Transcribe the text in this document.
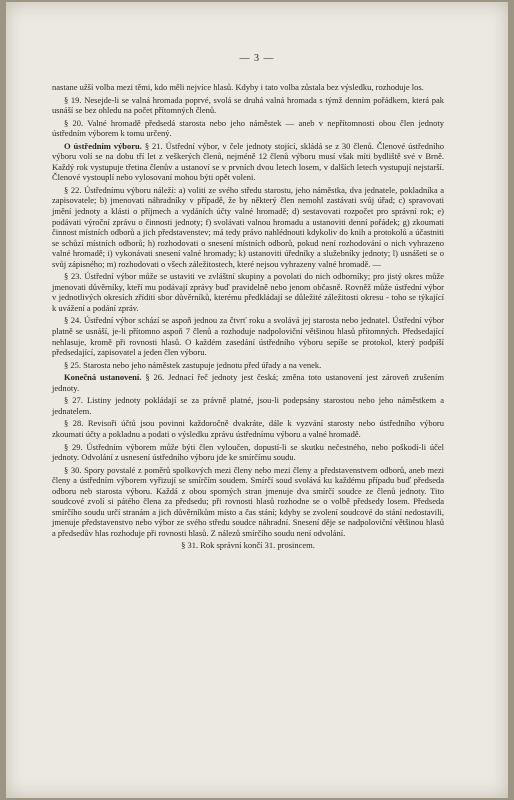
— 3 —

nastane užší volba mezi těmi, kdo měli nejvíce hlasů. Kdyby i tato volba zůstala bez výsledku, rozhoduje los.

§ 19. Nesejde-li se valná hromada poprvé, svolá se druhá valná hromada s týmž denním pořádkem, která pak usnáší se bez ohledu na počet přítomných členů.

§ 20. Valné hromadě předsedá starosta nebo jeho náměstek — aneb v nepřítomnosti obou člen jednoty ústředním výborem k tomu určený.

O ústředním výboru. § 21. Ústřední výbor, v čele jednoty stojící, skládá se z 30 členů. Členové ústředního výboru volí se na dobu tří let z veškerých členů, nejméně 12 členů výboru musí však míti bydliště své v Brně. Každý rok vystupuje třetina členův a ustanoví se v prvních dvou letech losem, v dalších letech vystupují nejstarší. Členové vystouplí nebo vylosovaní mohou býti opět voleni.

§ 22. Ústřednímu výboru náleží: a) voliti ze svého středu starostu, jeho náměstka, dva jednatele, pokladníka a zapisovatele; b) jmenovati náhradníky v případě, že by některý člen nemohl zastávati svůj úřad; c) spravovati jmění jednoty a klásti o příjmech a vydáních účty valné hromadě; d) sestavovati rozpočet pro správní rok; e) podávati výroční zprávu o činnosti jednoty; f) svolávati valnou hromadu a ustanoviti denní pořádek; g) zkoumati činnost místních odborů a jich představenstev; má tedy právo nahlédnouti kdykoliv do knih a protokolů a účastniti se schůzí místních odborů; h) rozhodovati o snesení místních odborů, pokud není rozhodování o nich vyhrazeno valné hromadě; i) vykonávati snesení valné hromady; k) ustanoviti úředníky a služebníky jednoty; l) usnášeti se o svůj zápisného; m) rozhodovati o všech záležitostech, které nejsou vyhrazeny valné hromadě. —

§ 23. Ústřední výbor může se ustaviti ve zvláštní skupiny a povolati do nich odborníky; pro jistý okres může jmenovati důvěrníky, kteří mu podávají zprávy buď pravidelně nebo jenom občasně. Rovněž může ústřední výbor v jednotlivých okresích zříditi sbor důvěrníků, kterému předkládají se důležité záležitosti okresu - toho se týkající k uvážení a podání zpráv.

§ 24. Ústřední výbor schází se aspoň jednou za čtvrť roku a svolává jej starosta nebo jednatel. Ústřední výbor platně se usnáší, je-li přítomno aspoň 7 členů a rozhoduje nadpoloviční většinou hlasů přítomných. Předsedající nehlasuje, kromě při rovnosti hlasů. O každém zasedání ústředního výboru sepíše se protokol, který podpíší předsedající, zapisovatel a jeden člen výboru.

§ 25. Starosta nebo jeho náměstek zastupuje jednotu před úřady a na venek.

Konečná ustanovení. § 26. Jednací řeč jednoty jest česká; změna toto ustanovení jest zároveň zrušením jednoty.

§ 27. Listiny jednoty pokládají se za právně platné, jsou-li podepsány starostou nebo jeho náměstkem a jednatelem.

§ 28. Revisoři účtů jsou povinni každoročně dvakráte, dále k vyzvání starosty nebo ústředního výboru zkoumati účty a pokladnu a podati o výsledku zprávu ústřednímu výboru a valné hromadě.

§ 29. Ústředním výborem může býti člen vyloučen, dopustí-li se skutku nečestného, nebo poškodí-li účel jednoty. Odvolání z usnesení ústředního výboru jde ke smírčímu soudu.

§ 30. Spory povstalé z poměrů spolkových mezi členy nebo mezi členy a představenstvem odborů, aneb mezi členy a ústředním výborem vyřizují se smírčím soudem. Smírčí soud svolává ku každému případu buď předseda odboru neb starosta výboru. Každá z obou sporných stran jmenuje dva smírčí soudce ze členů jednoty. Tito soudcové zvolí si pátého člena za předsedu; při rovnosti hlasů rozhodne se o volbě předsedy losem. Předseda smírčího soudu určí stranám a jich důvěrníkům místo a čas stání; kdyby se zvolení soudcové do stání nedostavili, jmenuje představenstvo nebo výbor ze svého středu soudce náhradní. Snesení děje se nadpoloviční většinou hlasů a předsedův hlas rozhoduje při rovnosti hlasů. Z nálezů smírčího soudu není odvolání.

§ 31. Rok správní končí 31. prosincem.
